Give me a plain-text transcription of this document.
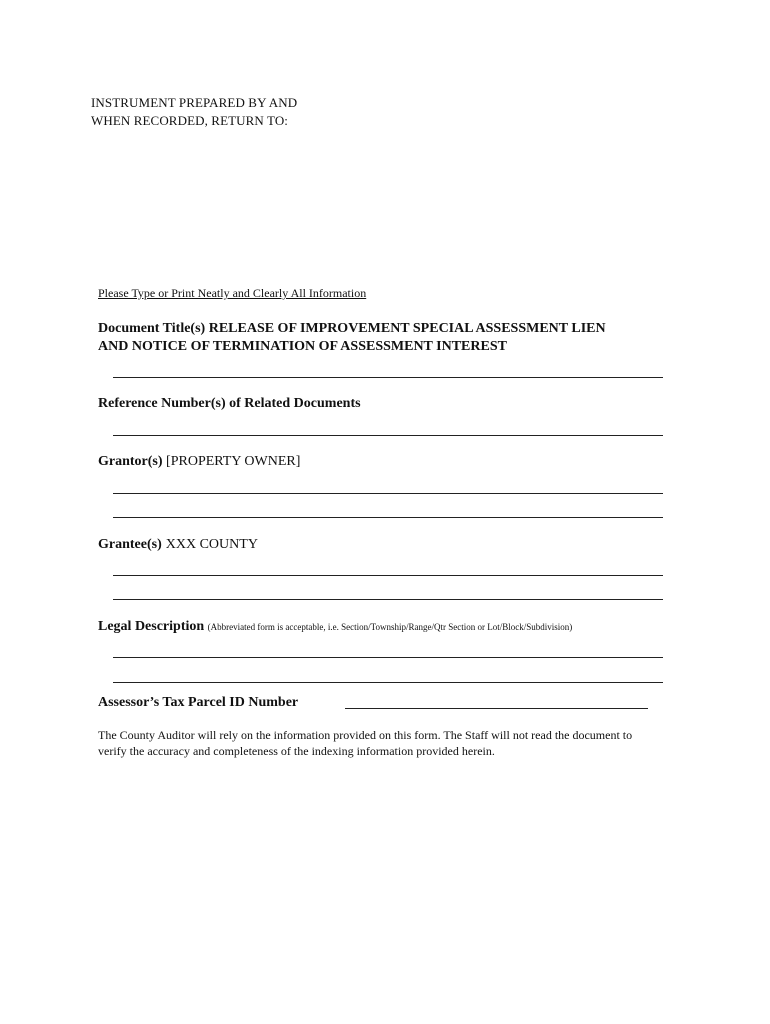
INSTRUMENT PREPARED BY AND
WHEN RECORDED, RETURN TO:
Please Type or Print Neatly and Clearly All Information
Document Title(s) RELEASE OF IMPROVEMENT SPECIAL ASSESSMENT LIEN
AND NOTICE OF TERMINATION OF ASSESSMENT INTEREST
Reference Number(s) of Related Documents
Grantor(s) [PROPERTY OWNER]
Grantee(s) XXX COUNTY
Legal Description (Abbreviated form is acceptable, i.e. Section/Township/Range/Qtr Section or Lot/Block/Subdivision)
Assessor’s Tax Parcel ID Number
The County Auditor will rely on the information provided on this form. The Staff will not read the document to
verify the accuracy and completeness of the indexing information provided herein.
